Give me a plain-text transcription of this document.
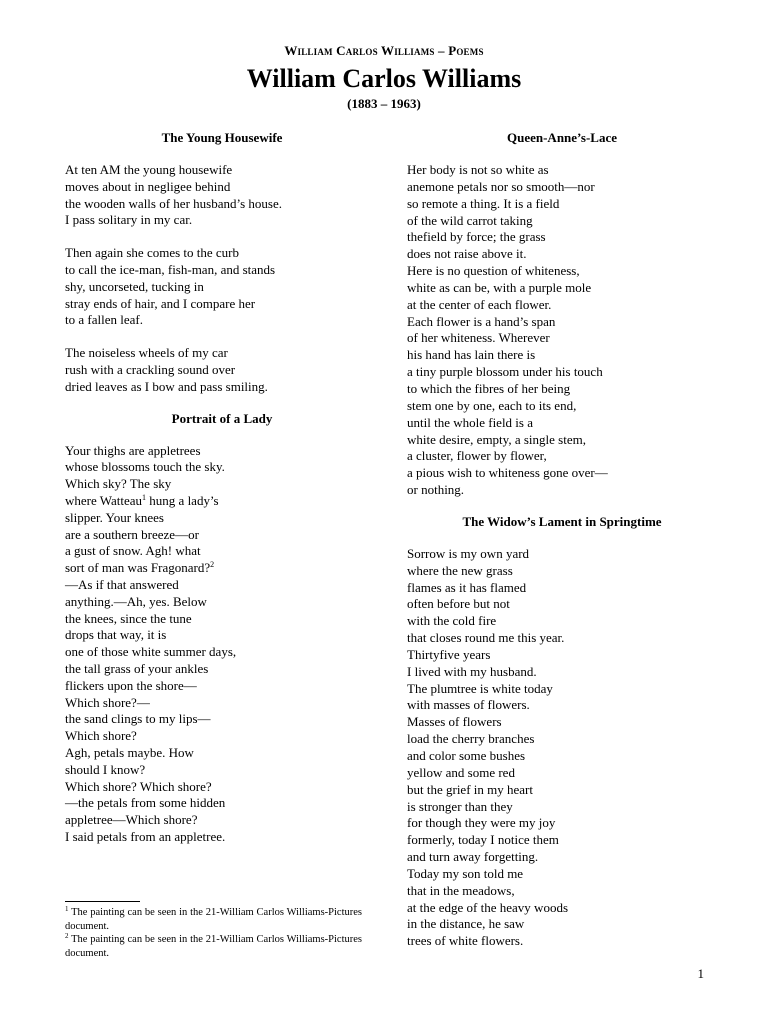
William Carlos Williams – Poems
William Carlos Williams
(1883 – 1963)
The Young Housewife
At ten AM the young housewife
moves about in negligee behind
the wooden walls of her husband’s house.
I pass solitary in my car.
Then again she comes to the curb
to call the ice-man, fish-man, and stands
shy, uncorseted, tucking in
stray ends of hair, and I compare her
to a fallen leaf.
The noiseless wheels of my car
rush with a crackling sound over
dried leaves as I bow and pass smiling.
Portrait of a Lady
Your thighs are appletrees
whose blossoms touch the sky.
Which sky? The sky
where Watteau$^1$ hung a lady’s
slipper. Your knees
are a southern breeze—or
a gust of snow. Agh! what
sort of man was Fragonard?$^2$
—As if that answered
anything.—Ah, yes. Below
the knees, since the tune
drops that way, it is
one of those white summer days,
the tall grass of your ankles
flickers upon the shore—
Which shore?—
the sand clings to my lips—
Which shore?
Agh, petals maybe. How
should I know?
Which shore? Which shore?
—the petals from some hidden
appletree—Which shore?
I said petals from an appletree.
Queen-Anne’s-Lace
Her body is not so white as
anemone petals nor so smooth—nor
so remote a thing. It is a field
of the wild carrot taking
thefield by force; the grass
does not raise above it.
Here is no question of whiteness,
white as can be, with a purple mole
at the center of each flower.
Each flower is a hand’s span
of her whiteness. Wherever
his hand has lain there is
a tiny purple blossom under his touch
to which the fibres of her being
stem one by one, each to its end,
until the whole field is a
white desire, empty, a single stem,
a cluster, flower by flower,
a pious wish to whiteness gone over—
or nothing.
The Widow’s Lament in Springtime
Sorrow is my own yard
where the new grass
flames as it has flamed
often before but not
with the cold fire
that closes round me this year.
Thirtyfive years
I lived with my husband.
The plumtree is white today
with masses of flowers.
Masses of flowers
load the cherry branches
and color some bushes
yellow and some red
but the grief in my heart
is stronger than they
for though they were my joy
formerly, today I notice them
and turn away forgetting.
Today my son told me
that in the meadows,
at the edge of the heavy woods
in the distance, he saw
trees of white flowers.
$^1$ The painting can be seen in the 21-William Carlos Williams-Pictures document.
$^2$ The painting can be seen in the 21-William Carlos Williams-Pictures document.
1
